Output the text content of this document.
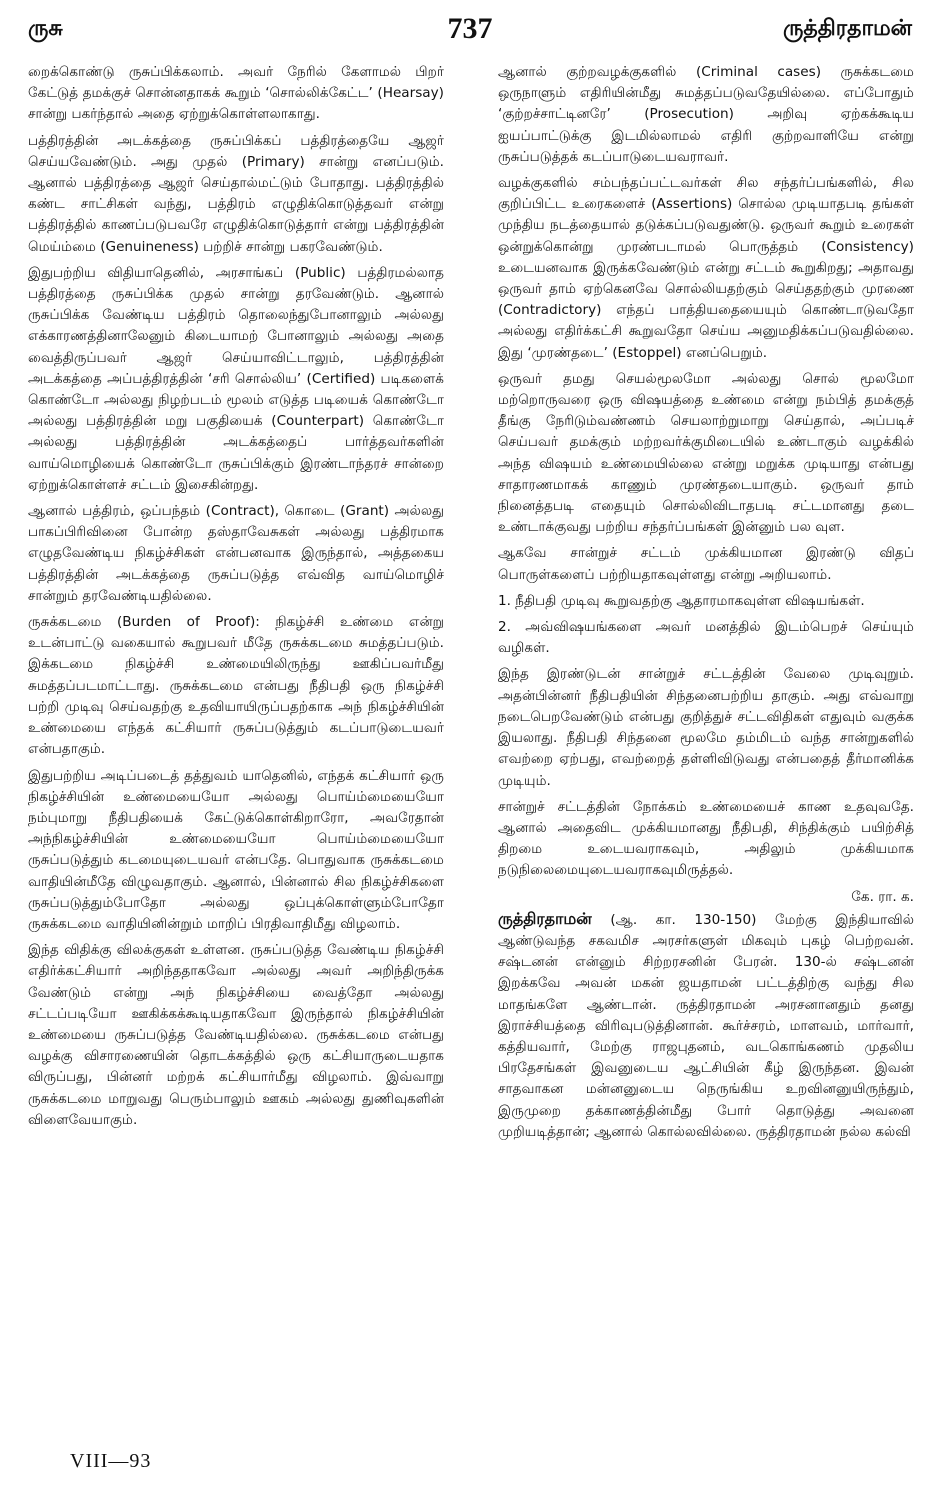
ருசு	737	ருத்திரதாமன்

றைக்கொண்டு ருசுப்பிக்கலாம். அவர் நேரில் கேளாமல் பிறர் கேட்டுத் தமக்குச் சொன்னதாகக் கூறும் ‘சொல்லிக்கேட்ட’ (Hearsay) சான்று பகர்ந்தால் அதை ஏற்றுக்கொள்ளலாகாது.

பத்திரத்தின் அடக்கத்தை ருசுப்பிக்கப் பத்திரத்தையே ஆஜர் செய்யவேண்டும். அது முதல் (Primary) சான்று எனப்படும். ஆனால் பத்திரத்தை ஆஜர் செய்தால்மட்டும் போதாது. பத்திரத்தில் கண்ட சாட்சிகள் வந்து, பத்திரம் எழுதிக்கொடுத்தவர் என்று பத்திரத்தில் காணப்படுபவரே எழுதிக்கொடுத்தார் என்று பத்திரத்தின் மெய்ம்மை (Genuineness) பற்றிச் சான்று பகரவேண்டும்.

இதுபற்றிய விதியாதெனில், அரசாங்கப் (Public) பத்திரமல்லாத பத்திரத்தை ருசுப்பிக்க முதல் சான்று தரவேண்டும். ஆனால் ருசுப்பிக்க வேண்டிய பத்திரம் தொலைந்துபோனாலும் அல்லது எக்காரணத்தினாலேனும் கிடையாமற் போனாலும் அல்லது அதை வைத்திருப்பவர் ஆஜர் செய்யாவிட்டாலும், பத்திரத்தின் அடக்கத்தை அப்பத்திரத்தின் ‘சரி சொல்லிய’ (Certified) படிகளைக் கொண்டோ அல்லது நிழற்படம் மூலம் எடுத்த படியைக் கொண்டோ அல்லது பத்திரத்தின் மறு பகுதியைக் (Counterpart) கொண்டோ அல்லது பத்திரத்தின் அடக்கத்தைப் பார்த்தவர்களின் வாய்மொழியைக் கொண்டோ ருசுப்பிக்கும் இரண்டாந்தரச் சான்றை ஏற்றுக்கொள்ளச் சட்டம் இசைகின்றது.

ஆனால் பத்திரம், ஒப்பந்தம் (Contract), கொடை (Grant) அல்லது பாகப்பிரிவினை போன்ற தஸ்தாவேசுகள் அல்லது பத்திரமாக எழுதவேண்டிய நிகழ்ச்சிகள் என்பனவாக இருந்தால், அத்தகைய பத்திரத்தின் அடக்கத்தை ருசுப்படுத்த எவ்வித வாய்மொழிச் சான்றும் தரவேண்டியதில்லை.

ருசுக்கடமை (Burden of Proof): நிகழ்ச்சி உண்மை என்று உடன்பாட்டு வகையால் கூறுபவர் மீதே ருசுக்கடமை சுமத்தப்படும். இக்கடமை நிகழ்ச்சி உண்மையிலிருந்து ஊகிப்பவர்மீது சுமத்தப்படமாட்டாது. ருசுக்கடமை என்பது நீதிபதி ஒரு நிகழ்ச்சி பற்றி முடிவு செய்வதற்கு உதவியாயிருப்பதற்காக அந் நிகழ்ச்சியின் உண்மையை எந்தக் கட்சியார் ருசுப்படுத்தும் கடப்பாடுடையவர் என்பதாகும்.

இதுபற்றிய அடிப்படைத் தத்துவம் யாதெனில், எந்தக் கட்சியார் ஒரு நிகழ்ச்சியின் உண்மையையோ அல்லது பொய்ம்மையையோ நம்புமாறு நீதிபதியைக் கேட்டுக்கொள்கிறாரோ, அவரேதான் அந்நிகழ்ச்சியின் உண்மையையோ பொய்ம்மையையோ ருசுப்படுத்தும் கடமையுடையவர் என்பதே. பொதுவாக ருசுக்கடமை வாதியின்மீதே விழுவதாகும். ஆனால், பின்னால் சில நிகழ்ச்சிகளை ருசுப்படுத்தும்போதோ அல்லது ஒப்புக்கொள்ளும்போதோ ருசுக்கடமை வாதியினின்றும் மாறிப் பிரதிவாதிமீது விழலாம்.

இந்த விதிக்கு விலக்குகள் உள்ளன. ருசுப்படுத்த வேண்டிய நிகழ்ச்சி எதிர்க்கட்சியார் அறிந்ததாகவோ அல்லது அவர் அறிந்திருக்க வேண்டும் என்று அந் நிகழ்ச்சியை வைத்தோ அல்லது சட்டப்படியோ ஊகிக்கக்கூடியதாகவோ இருந்தால் நிகழ்ச்சியின் உண்மையை ருசுப்படுத்த வேண்டியதில்லை. ருசுக்கடமை என்பது வழக்கு விசாரணையின் தொடக்கத்தில் ஒரு கட்சியாருடையதாக விருப்பது, பின்னர் மற்றக் கட்சியார்மீது விழலாம். இவ்வாறு ருசுக்கடமை மாறுவது பெரும்பாலும் ஊகம் அல்லது துணிவுகளின் விளைவேயாகும்.

ஆனால் குற்றவழக்குகளில் (Criminal cases) ருசுக்கடமை ஒருநாளும் எதிரியின்மீது சுமத்தப்படுவதேயில்லை. எப்போதும் ‘குற்றச்சாட்டினரே’ (Prosecution) அறிவு ஏற்கக்கூடிய ஐயப்பாட்டுக்கு இடமில்லாமல் எதிரி குற்றவாளியே என்று ருசுப்படுத்தக் கடப்பாடுடையவராவர்.

வழக்குகளில் சம்பந்தப்பட்டவர்கள் சில சந்தர்ப்பங்களில், சில குறிப்பிட்ட உரைகளைச் (Assertions) சொல்ல முடியாதபடி தங்கள் முந்திய நடத்தையால் தடுக்கப்படுவதுண்டு. ஒருவர் கூறும் உரைகள் ஒன்றுக்கொன்று முரண்படாமல் பொருத்தம் (Consistency) உடையனவாக இருக்கவேண்டும் என்று சட்டம் கூறுகிறது; அதாவது ஒருவர் தாம் ஏற்கெனவே சொல்லியதற்கும் செய்ததற்கும் முரணை (Contradictory) எந்தப் பாத்தியதையையும் கொண்டாடுவதோ அல்லது எதிர்க்கட்சி கூறுவதோ செய்ய அனுமதிக்கப்படுவதில்லை. இது ‘முரண்தடை’ (Estoppel) எனப்பெறும்.

ஒருவர் தமது செயல்மூலமோ அல்லது சொல் மூலமோ மற்றொருவரை ஒரு விஷயத்தை உண்மை என்று நம்பித் தமக்குத் தீங்கு நேரிடும்வண்ணம் செயலாற்றுமாறு செய்தால், அப்படிச் செய்பவர் தமக்கும் மற்றவர்க்குமிடையில் உண்டாகும் வழக்கில் அந்த விஷயம் உண்மையில்லை என்று மறுக்க முடியாது என்பது சாதாரணமாகக் காணும் முரண்தடையாகும். ஒருவர் தாம் நினைத்தபடி எதையும் சொல்லிவிடாதபடி சட்டமானது தடை உண்டாக்குவது பற்றிய சந்தர்ப்பங்கள் இன்னும் பல வுள.

ஆகவே சான்றுச் சட்டம் முக்கியமான இரண்டு விதப் பொருள்களைப் பற்றியதாகவுள்ளது என்று அறியலாம்.

1. நீதிபதி முடிவு கூறுவதற்கு ஆதாரமாகவுள்ள விஷயங்கள்.

2. அவ்விஷயங்களை அவர் மனத்தில் இடம்பெறச் செய்யும் வழிகள்.

இந்த இரண்டுடன் சான்றுச் சட்டத்தின் வேலை முடிவுறும். அதன்பின்னர் நீதிபதியின் சிந்தனைபற்றிய தாகும். அது எவ்வாறு நடைபெறவேண்டும் என்பது குறித்துச் சட்டவிதிகள் எதுவும் வகுக்க இயலாது. நீதிபதி சிந்தனை மூலமே தம்மிடம் வந்த சான்றுகளில் எவற்றை ஏற்பது, எவற்றைத் தள்ளிவிடுவது என்பதைத் தீர்மானிக்க முடியும்.

சான்றுச் சட்டத்தின் நோக்கம் உண்மையைச் காண உதவுவதே. ஆனால் அதைவிட முக்கியமானது நீதிபதி, சிந்திக்கும் பயிற்சித் திறமை உடையவராகவும், அதிலும் முக்கியமாக நடுநிலைமையுடையவராகவுமிருத்தல்.

கே. ரா. க.

ருத்திரதாமன் (ஆ. கா. 130-150) மேற்கு இந்தியாவில் ஆண்டுவந்த சகவமிச அரசர்களுள் மிகவும் புகழ் பெற்றவன். சஷ்டனன் என்னும் சிற்றரசனின் பேரன். 130-ல் சஷ்டனன் இறக்கவே அவன் மகன் ஜயதாமன் பட்டத்திற்கு வந்து சில மாதங்களே ஆண்டான். ருத்திரதாமன் அரசனானதும் தனது இராச்சியத்தை விரிவுபடுத்தினான். கூர்ச்சரம், மாளவம், மார்வார், கத்தியவார், மேற்கு ராஜபுதனம், வடகொங்கணம் முதலிய பிரதேசங்கள் இவனுடைய ஆட்சியின் கீழ் இருந்தன. இவன் சாதவாகன மன்னனுடைய நெருங்கிய உறவினனுயிருந்தும், இருமுறை தக்காணத்தின்மீது போர் தொடுத்து அவனை முறியடித்தான்; ஆனால் கொல்லவில்லை. ருத்திரதாமன் நல்ல கல்வி

VIII—93
